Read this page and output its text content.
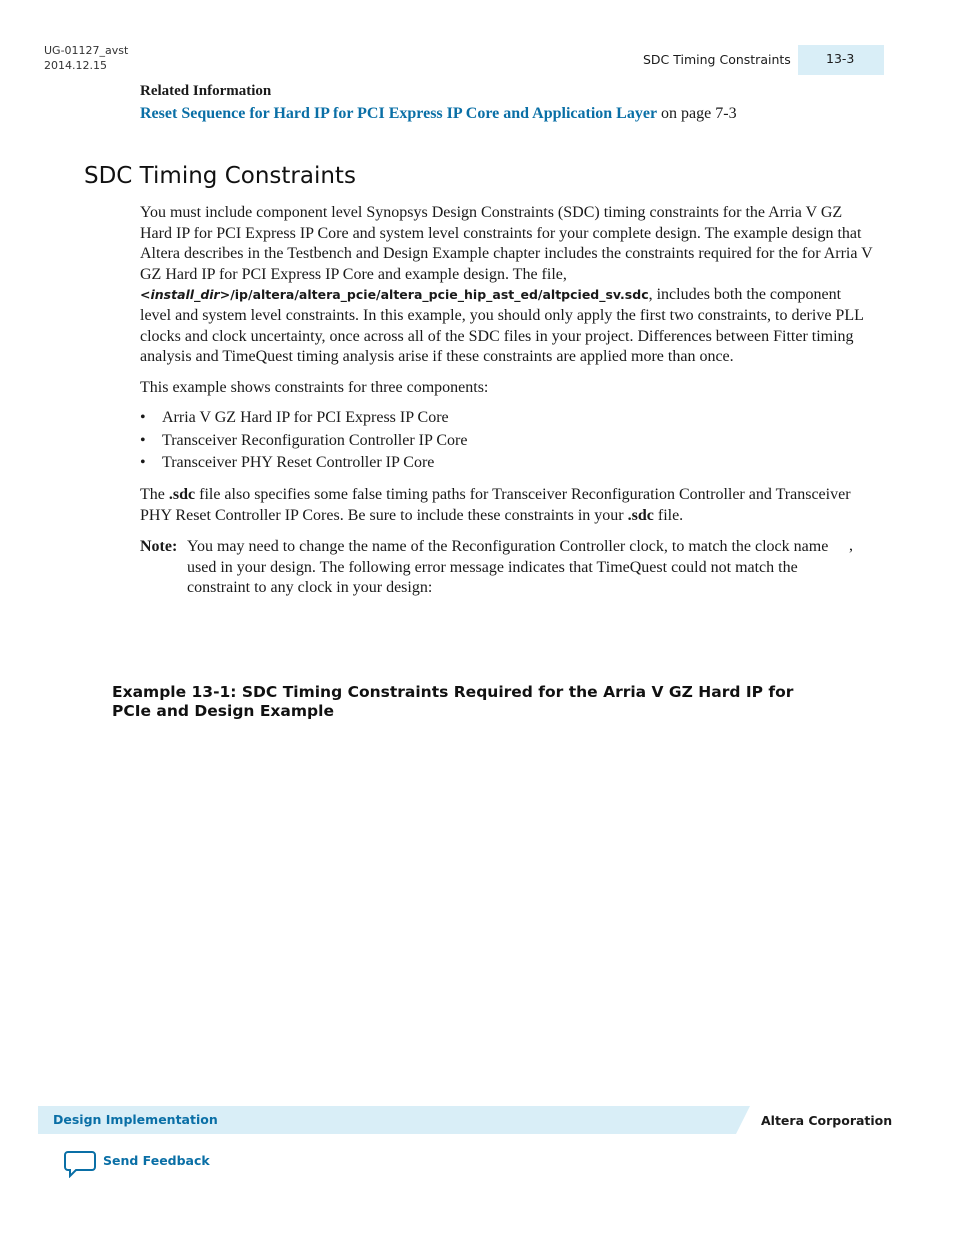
UG-01127_avst
2014.12.15	SDC Timing Constraints	13-3
Related Information
Reset Sequence for Hard IP for PCI Express IP Core and Application Layer on page 7-3
SDC Timing Constraints
You must include component level Synopsys Design Constraints (SDC) timing constraints for the Arria V GZ Hard IP for PCI Express IP Core and system level constraints for your complete design. The example design that Altera describes in the Testbench and Design Example chapter includes the constraints required for the for Arria V GZ Hard IP for PCI Express IP Core and example design. The file, <install_dir>/ip/altera/altera_pcie/altera_pcie_hip_ast_ed/altpcied_sv.sdc, includes both the component level and system level constraints. In this example, you should only apply the first two constraints, to derive PLL clocks and clock uncertainty, once across all of the SDC files in your project. Differences between Fitter timing analysis and TimeQuest timing analysis arise if these constraints are applied more than once.
This example shows constraints for three components:
• Arria V GZ Hard IP for PCI Express IP Core
• Transceiver Reconfiguration Controller IP Core
• Transceiver PHY Reset Controller IP Core
The .sdc file also specifies some false timing paths for Transceiver Reconfiguration Controller and Transceiver PHY Reset Controller IP Cores. Be sure to include these constraints in your .sdc file.
Note: You may need to change the name of the Reconfiguration Controller clock, to match the clock name used in your design. The following error message indicates that TimeQuest could not match the constraint to any clock in your design:
,
Example 13-1: SDC Timing Constraints Required for the Arria V GZ Hard IP for PCIe and Design Example
Design Implementation	Altera Corporation
Send Feedback
